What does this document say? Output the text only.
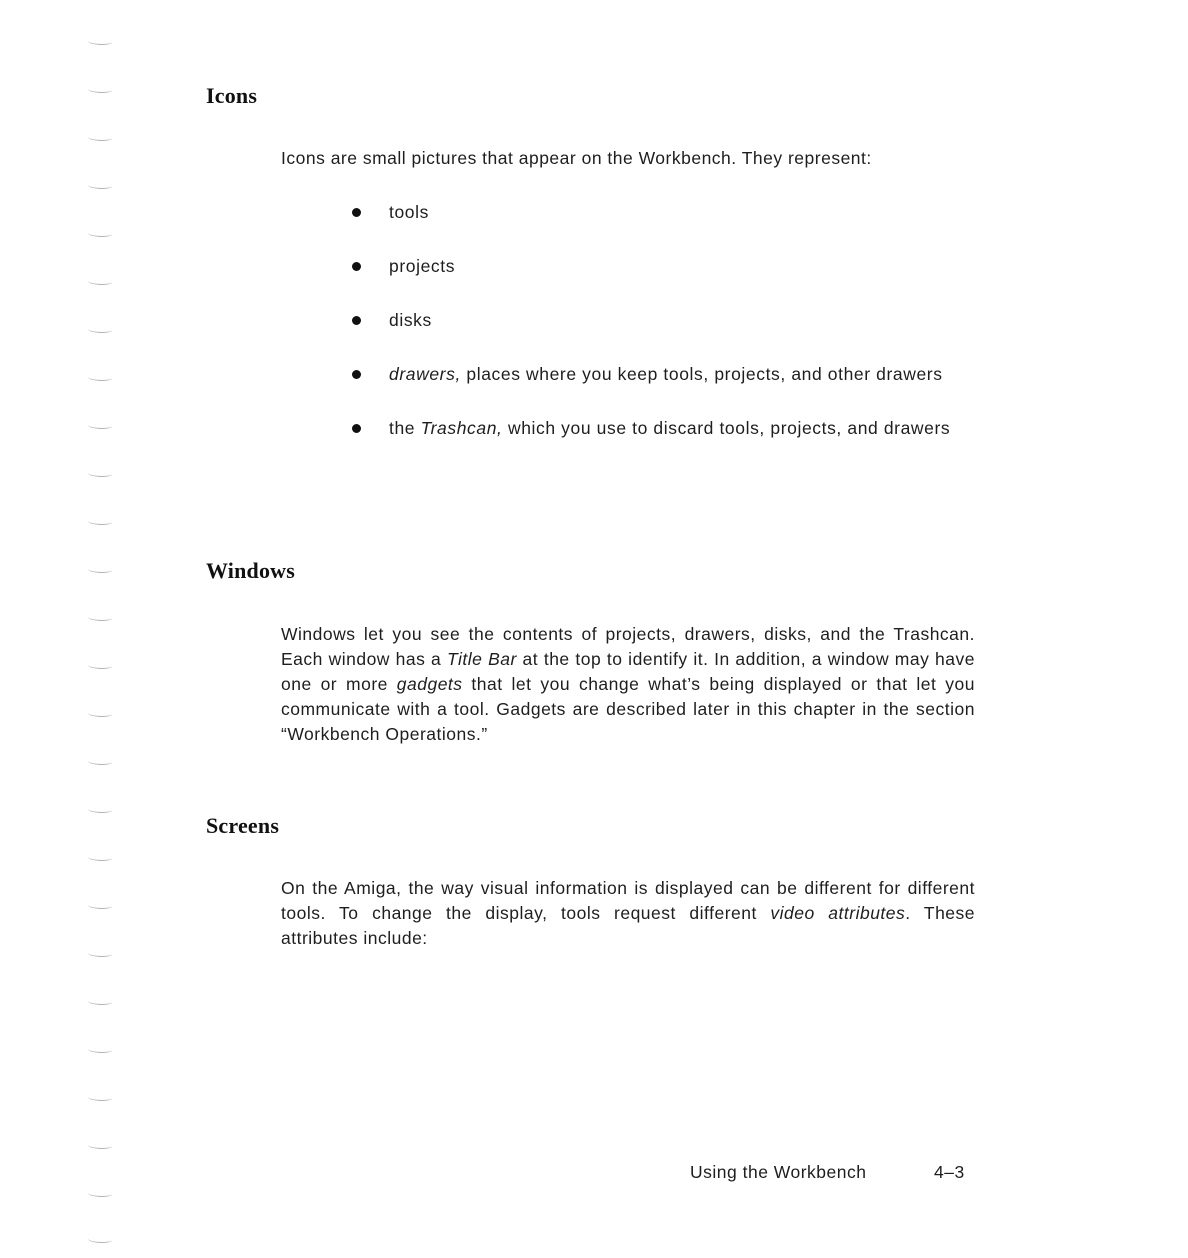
Icons

Icons are small pictures that appear on the Workbench. They represent:

tools
projects
disks
drawers, places where you keep tools, projects, and other drawers
the Trashcan, which you use to discard tools, projects, and drawers
Windows

Windows let you see the contents of projects, drawers, disks, and the Trashcan. Each window has a Title Bar at the top to identify it. In addition, a window may have one or more gadgets that let you change what’s being displayed or that let you communicate with a tool. Gadgets are described later in this chapter in the section “Workbench Operations.”

Screens

On the Amiga, the way visual information is displayed can be different for different tools. To change the display, tools request different video attributes. These attributes include:

Using the Workbench	4–3
